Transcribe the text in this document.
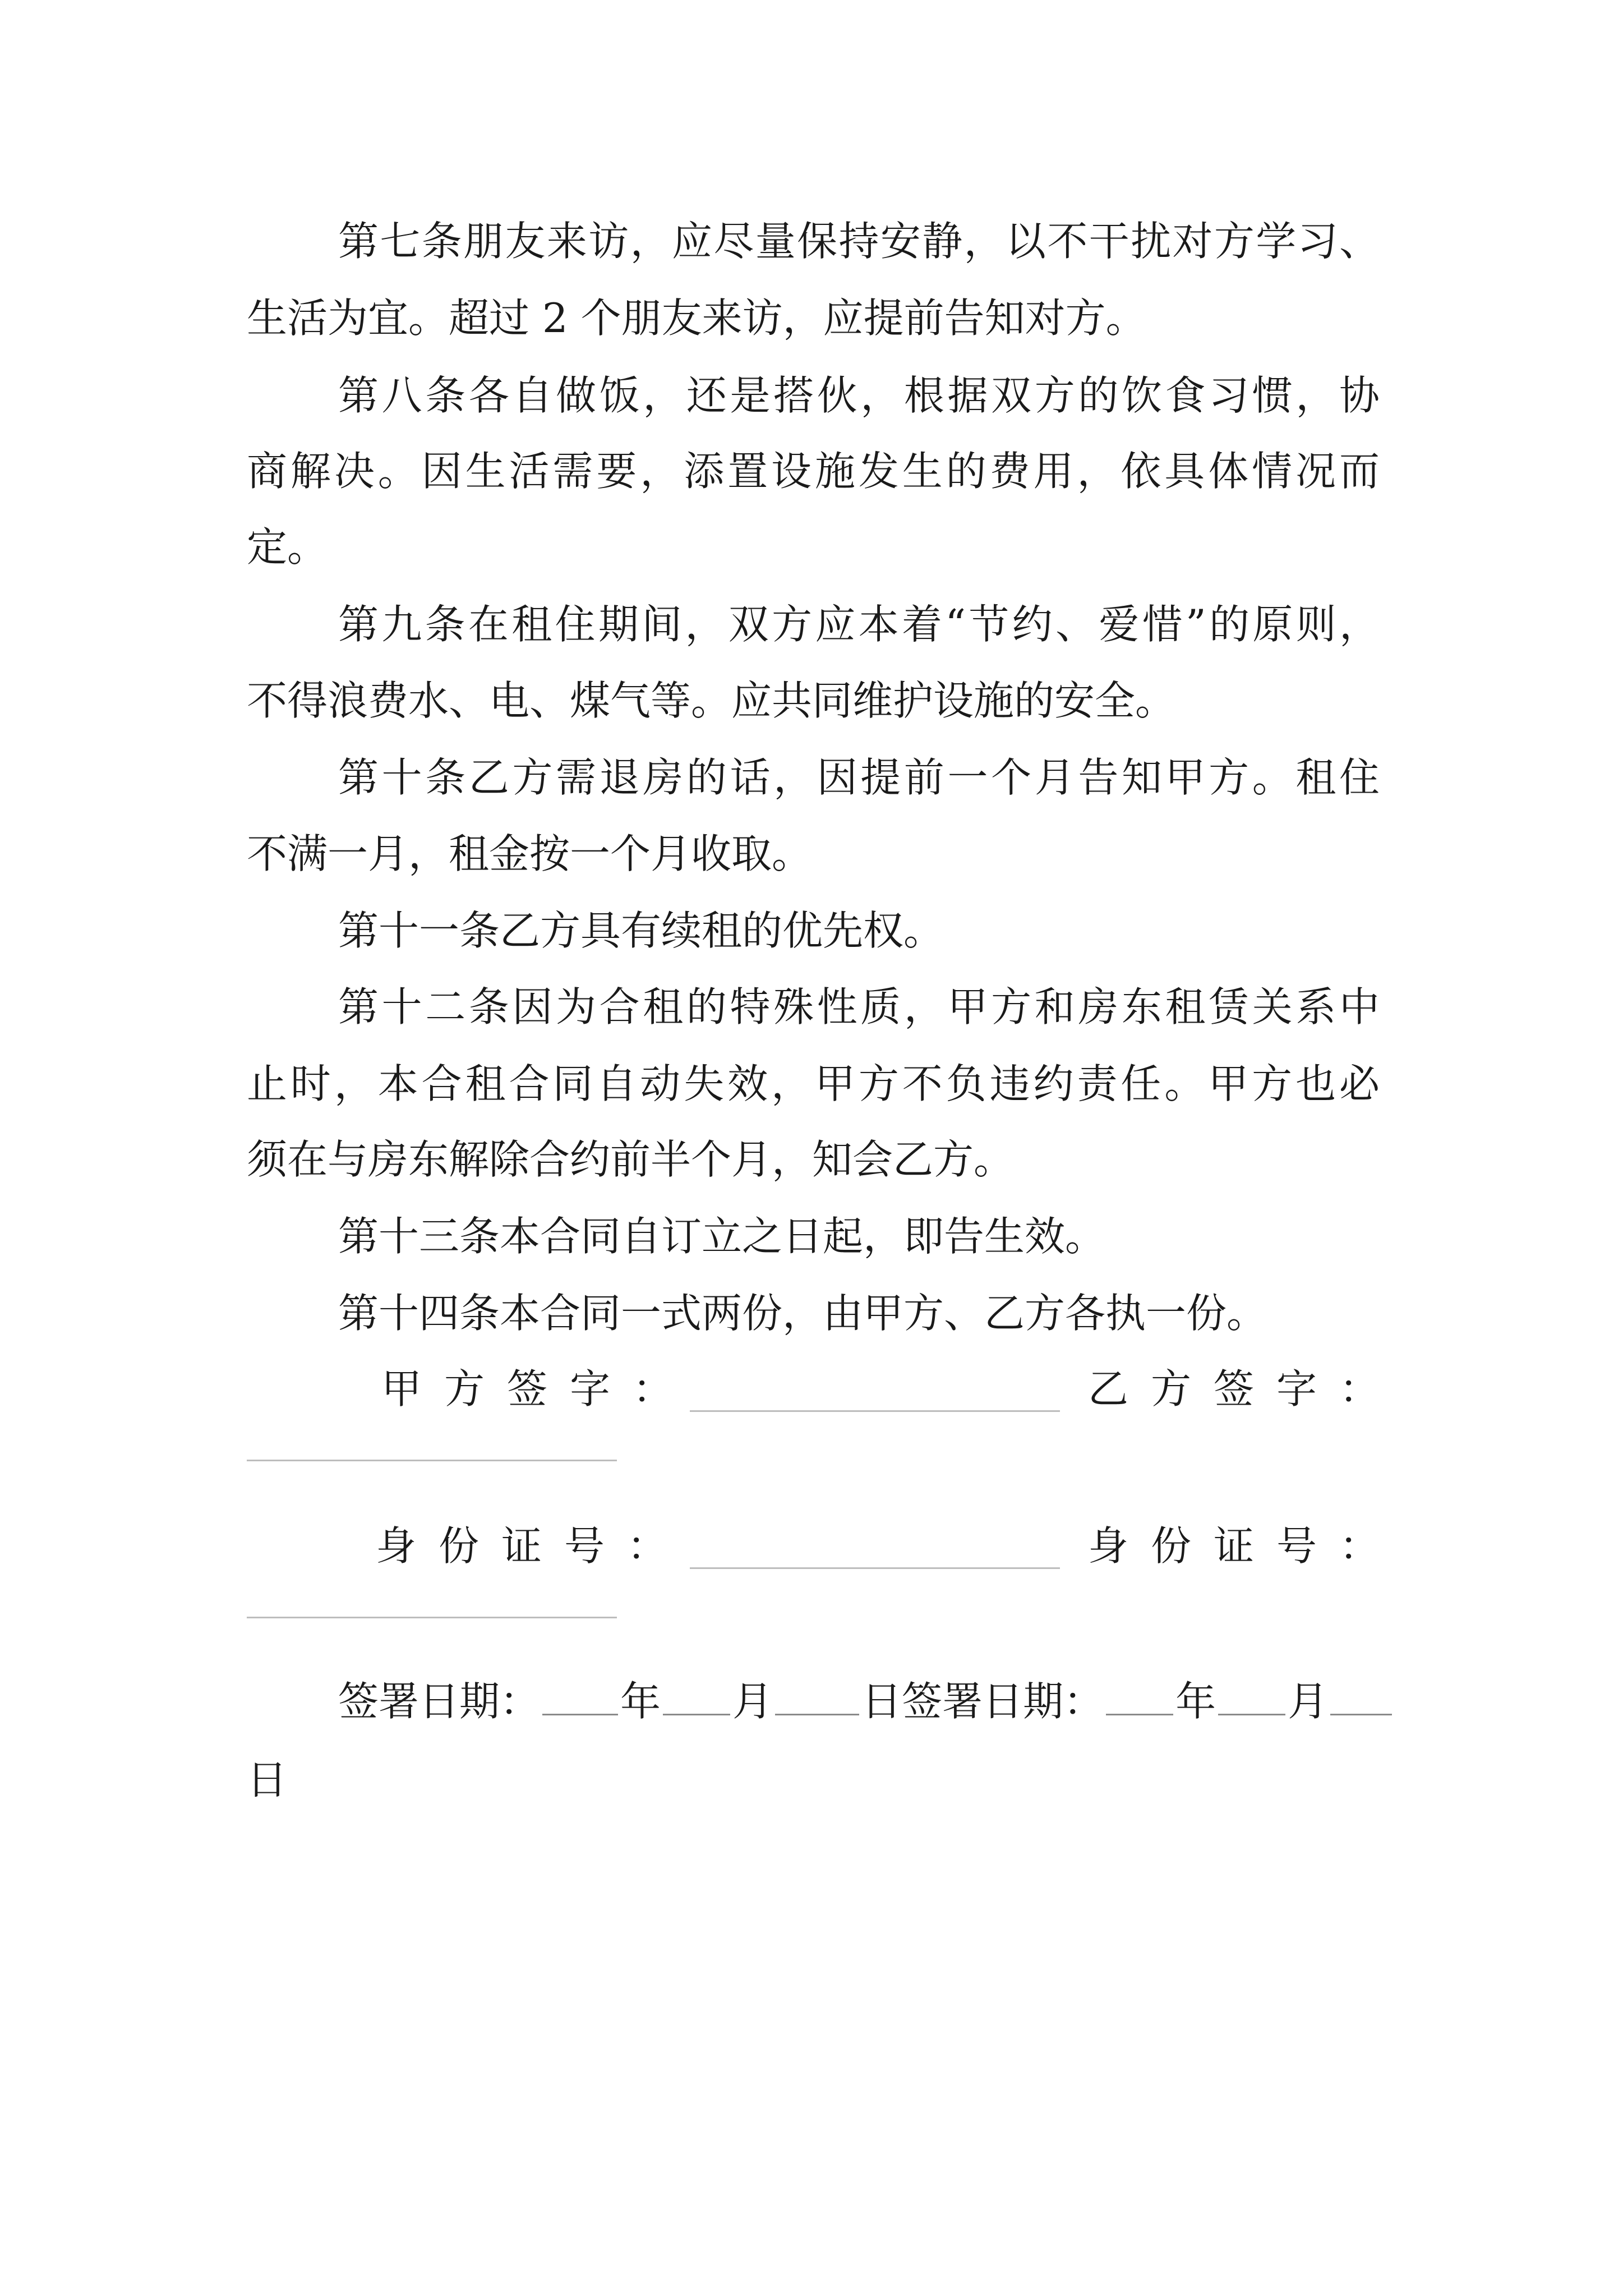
第七条朋友来访，应尽量保持安静，以不干扰对方学习、

生活为宜。超过 2 个朋友来访，应提前告知对方。

第八条各自做饭，还是搭伙，根据双方的饮食习惯，协

商解决。因生活需要，添置设施发生的费用，依具体情况而

定。

第九条在租住期间，双方应本着“节约、爱惜”的原则，

不得浪费水、电、煤气等。应共同维护设施的安全。

第十条乙方需退房的话，因提前一个月告知甲方。租住

不满一月，租金按一个月收取。

第十一条乙方具有续租的优先权。

第十二条因为合租的特殊性质，甲方和房东租赁关系中

止时，本合租合同自动失效，甲方不负违约责任。甲方也必

须在与房东解除合约前半个月，知会乙方。

第十三条本合同自订立之日起，即告生效。

第十四条本合同一式两份，由甲方、乙方各执一份。

甲方签字：	乙方签字：
身份证号：	身份证号：

签署日期： 年 月 日签署日期： 年 月

日
